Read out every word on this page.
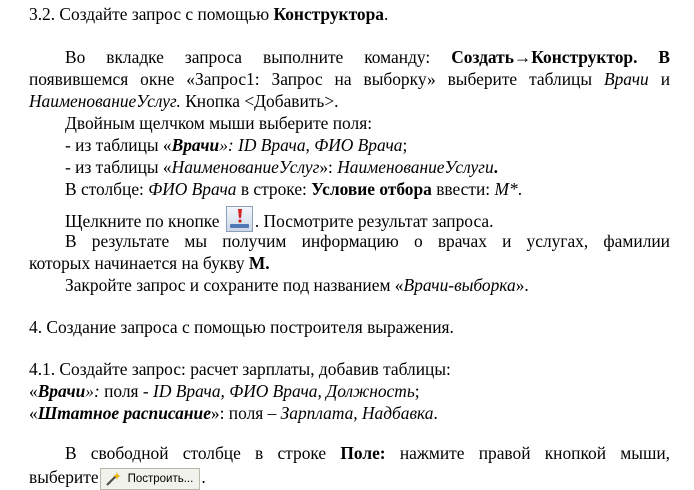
3.2. Создайте запрос с помощью Конструктора.
Во вкладке запроса выполните команду: Создать→Конструктор. В
появившемся окне «Запрос1: Запрос на выборку» выберите таблицы Врачи и
НаименованиеУслуг. Кнопка <Добавить>.
Двойным щелчком мыши выберите поля:
- из таблицы «Врачи»: ID Врача, ФИО Врача;
- из таблицы «НаименованиеУслуг»: НаименованиеУслуги.
В столбце: ФИО Врача в строке: Условие отбора ввести: М*.
Щелкните по кнопке
. Посмотрите результат запроса.
В результате мы получим информацию о врачах и услугах, фамилии
которых начинается на букву М.
Закройте запрос и сохраните под названием «Врачи-выборка».
4. Создание запроса с помощью построителя выражения.
4.1. Создайте запрос: расчет зарплаты, добавив таблицы:
«Врачи»: поля - ID Врача, ФИО Врача, Должность;
«Штатное расписание»: поля – Зарплата, Надбавка.
В свободной столбце в строке Поле: нажмите правой кнопкой мыши,
выберите	Построить... .
